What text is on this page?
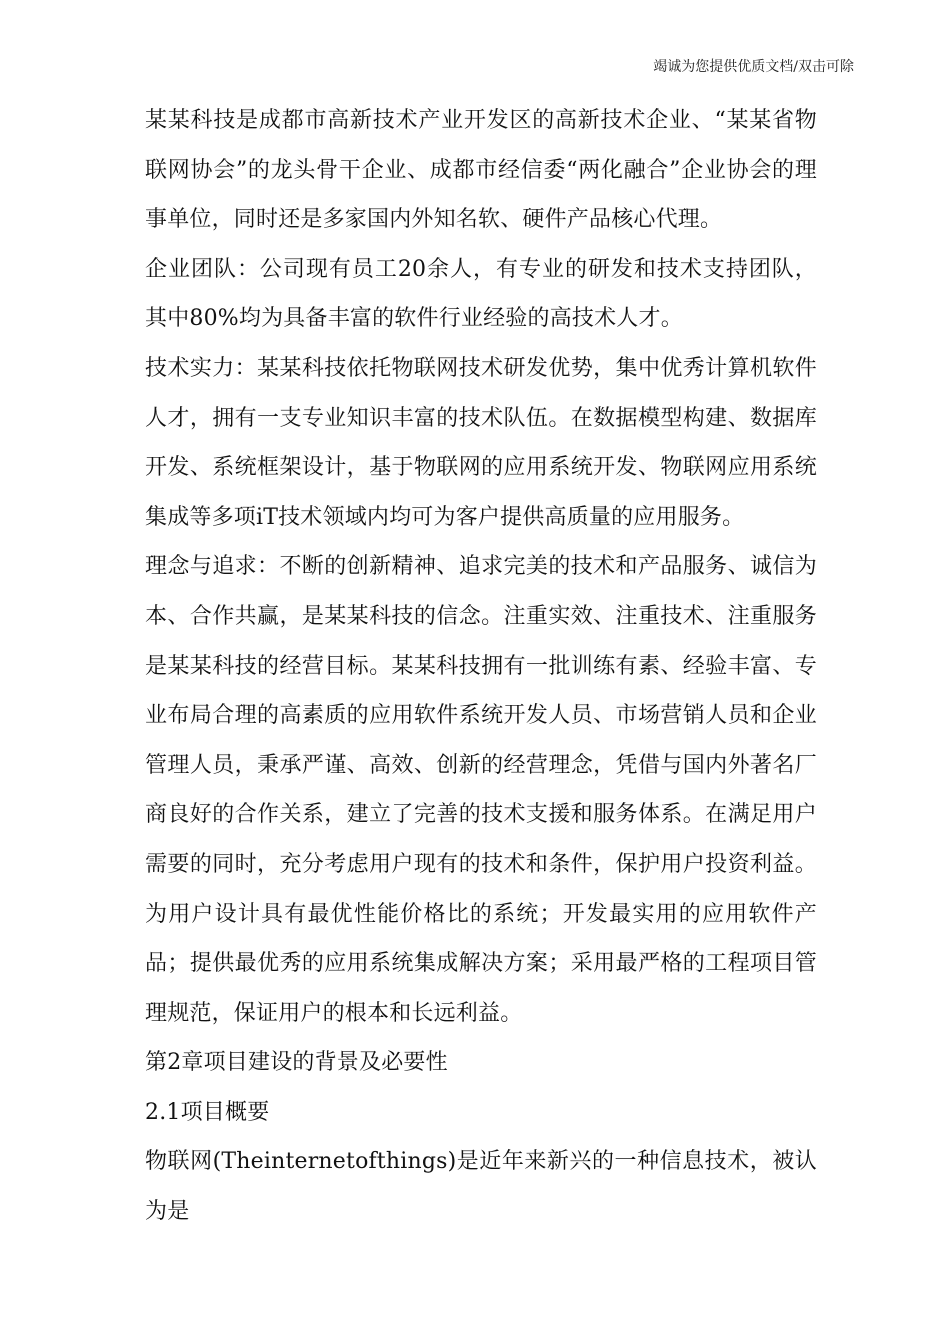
竭诚为您提供优质文档/双击可除

某某科技是成都市高新技术产业开发区的高新技术企业、“某某省物联网协会”的龙头骨干企业、成都市经信委“两化融合”企业协会的理事单位，同时还是多家国内外知名软、硬件产品核心代理。

企业团队：公司现有员工20余人，有专业的研发和技术支持团队，其中80%均为具备丰富的软件行业经验的高技术人才。

技术实力：某某科技依托物联网技术研发优势，集中优秀计算机软件人才，拥有一支专业知识丰富的技术队伍。在数据模型构建、数据库开发、系统框架设计，基于物联网的应用系统开发、物联网应用系统集成等多项iT技术领域内均可为客户提供高质量的应用服务。

理念与追求：不断的创新精神、追求完美的技术和产品服务、诚信为本、合作共赢，是某某科技的信念。注重实效、注重技术、注重服务是某某科技的经营目标。某某科技拥有一批训练有素、经验丰富、专业布局合理的高素质的应用软件系统开发人员、市场营销人员和企业管理人员，秉承严谨、高效、创新的经营理念，凭借与国内外著名厂商良好的合作关系，建立了完善的技术支援和服务体系。在满足用户需要的同时，充分考虑用户现有的技术和条件，保护用户投资利益。为用户设计具有最优性能价格比的系统；开发最实用的应用软件产品；提供最优秀的应用系统集成解决方案；采用最严格的工程项目管理规范，保证用户的根本和长远利益。

第2章项目建设的背景及必要性

2.1项目概要

物联网(Theinternetofthings)是近年来新兴的一种信息技术，被认为是
